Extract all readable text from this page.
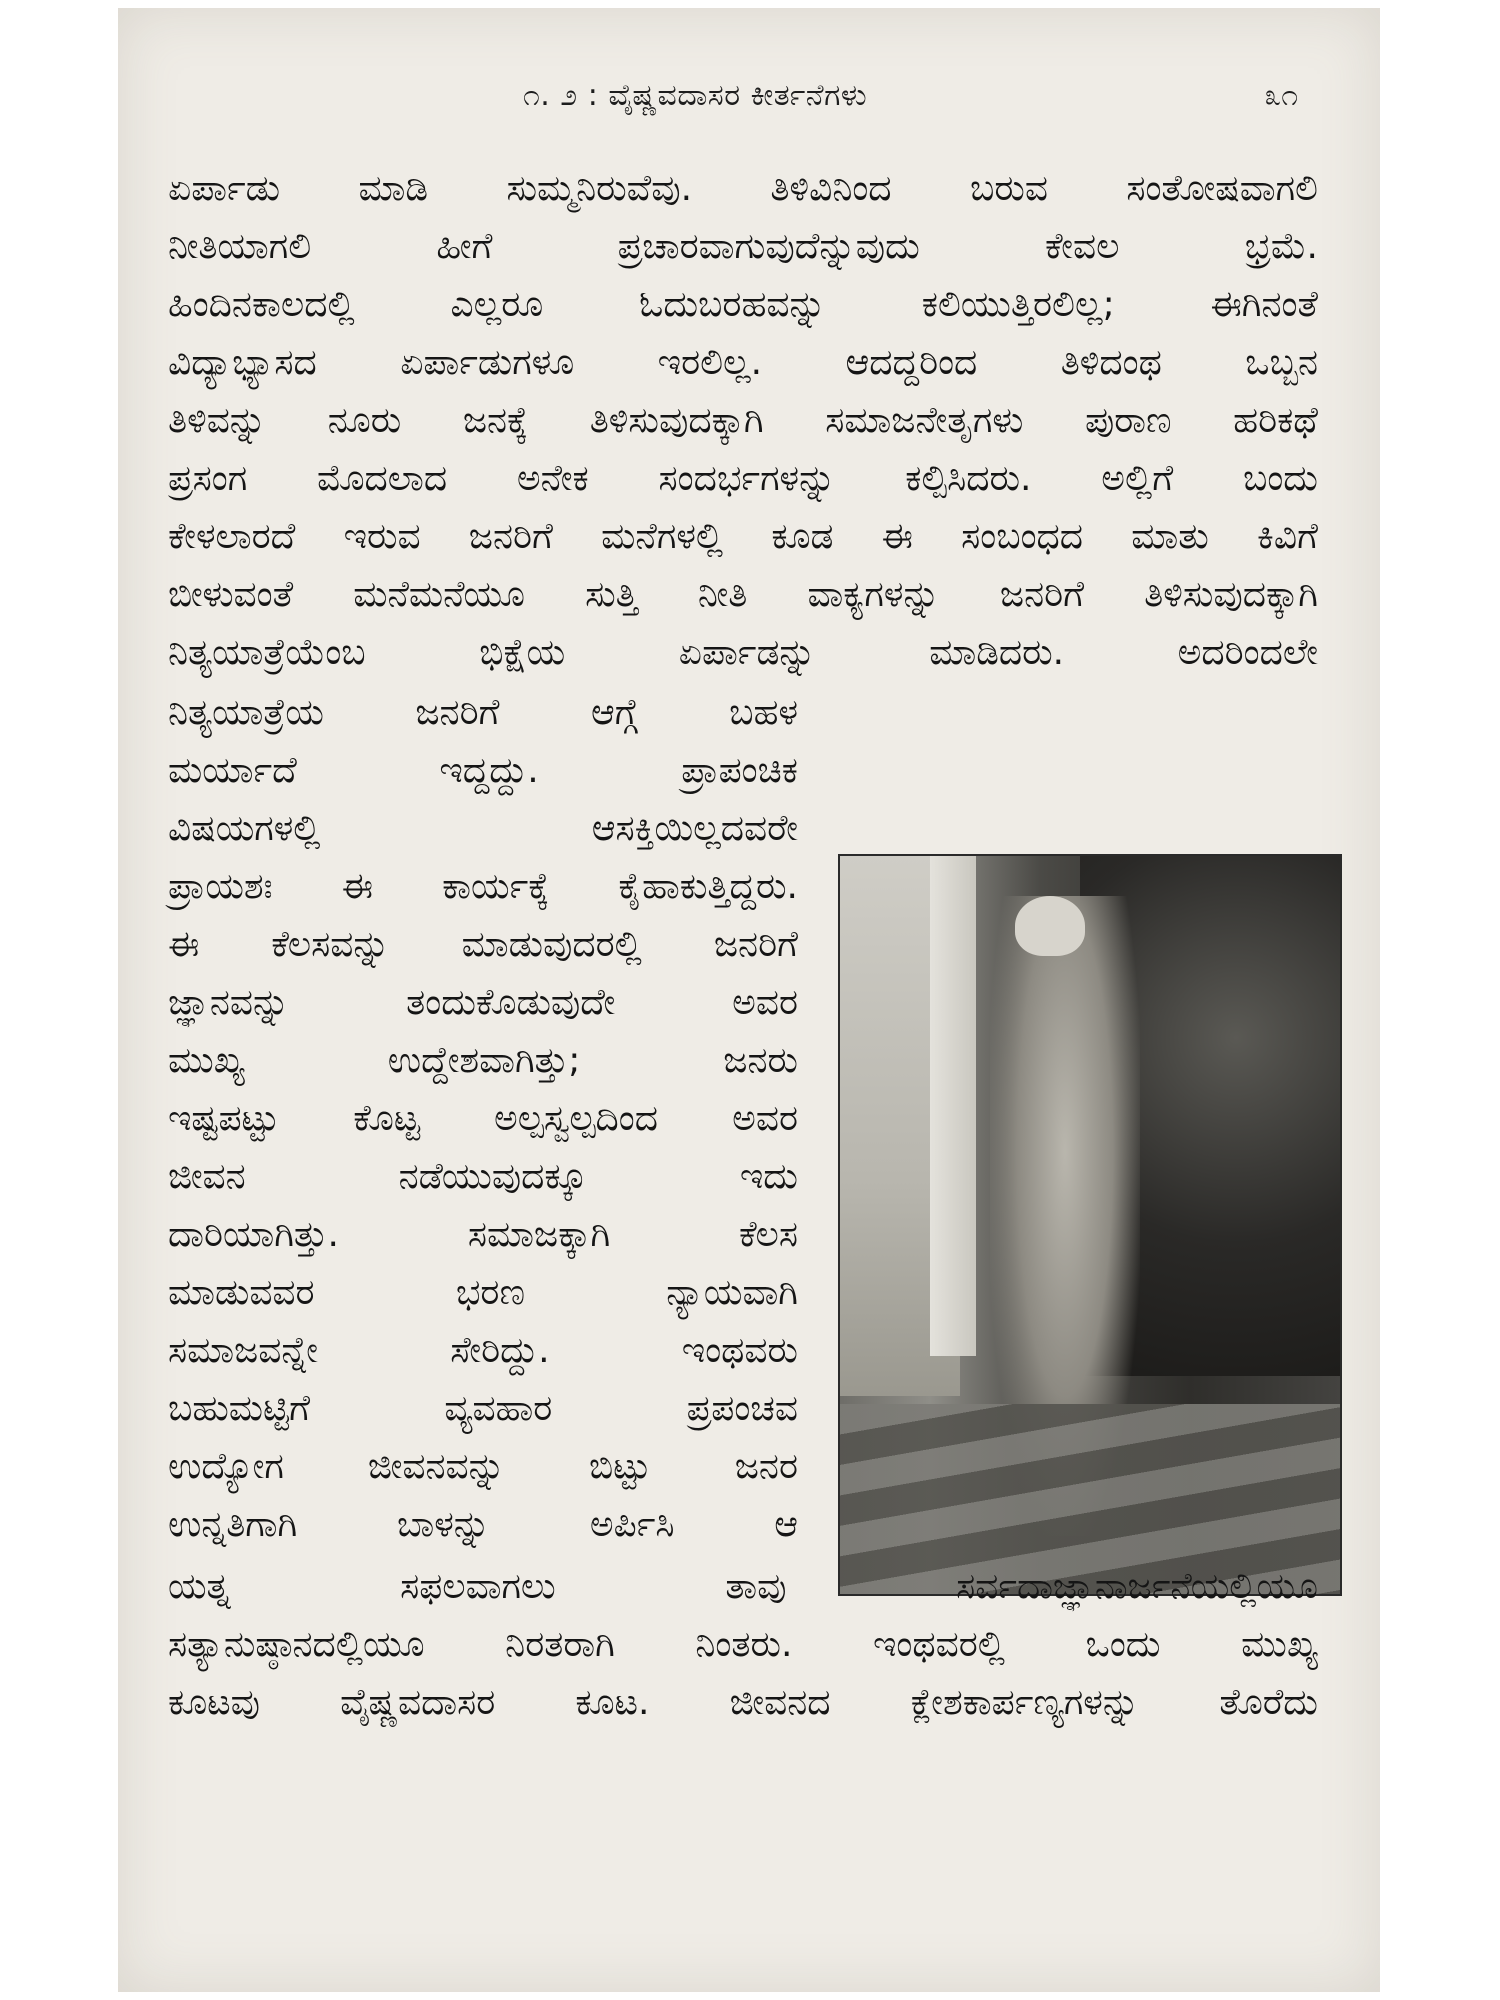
೧. ೨ : ವೈಷ್ಣವದಾಸರ ಕೀರ್ತನೆಗಳು	೩೧
ಏರ್ಪಾಡು ಮಾಡಿ ಸುಮ್ಮನಿರುವೆವು. ತಿಳಿವಿನಿಂದ ಬರುವ ಸಂತೋಷವಾಗಲಿ
ನೀತಿಯಾಗಲಿ ಹೀಗೆ ಪ್ರಚಾರವಾಗುವುದೆನ್ನುವುದು ಕೇವಲ ಭ್ರಮೆ.
ಹಿಂದಿನಕಾಲದಲ್ಲಿ ಎಲ್ಲರೂ ಓದುಬರಹವನ್ನು ಕಲಿಯುತ್ತಿರಲಿಲ್ಲ; ಈಗಿನಂತೆ
ವಿದ್ಯಾಭ್ಯಾಸದ ಏರ್ಪಾಡುಗಳೂ ಇರಲಿಲ್ಲ. ಆದದ್ದರಿಂದ ತಿಳಿದಂಥ ಒಬ್ಬನ
ತಿಳಿವನ್ನು ನೂರು ಜನಕ್ಕೆ ತಿಳಿಸುವುದಕ್ಕಾಗಿ ಸಮಾಜನೇತೃಗಳು ಪುರಾಣ ಹರಿಕಥೆ
ಪ್ರಸಂಗ ಮೊದಲಾದ ಅನೇಕ ಸಂದರ್ಭಗಳನ್ನು ಕಲ್ಪಿಸಿದರು. ಅಲ್ಲಿಗೆ ಬಂದು
ಕೇಳಲಾರದೆ ಇರುವ ಜನರಿಗೆ ಮನೆಗಳಲ್ಲಿ ಕೂಡ ಈ ಸಂಬಂಧದ ಮಾತು ಕಿವಿಗೆ
ಬೀಳುವಂತೆ ಮನೆಮನೆಯೂ ಸುತ್ತಿ ನೀತಿ ವಾಕ್ಯಗಳನ್ನು ಜನರಿಗೆ ತಿಳಿಸುವುದಕ್ಕಾಗಿ
ನಿತ್ಯಯಾತ್ರೆಯೆಂಬ ಭಿಕ್ಷೆಯ ಏರ್ಪಾಡನ್ನು ಮಾಡಿದರು. ಅದರಿಂದಲೇ
ನಿತ್ಯಯಾತ್ರೆಯ ಜನರಿಗೆ ಆಗ್ಗೆ ಬಹಳ
ಮರ್ಯಾದೆ ಇದ್ದದ್ದು. ಪ್ರಾಪಂಚಿಕ
ವಿಷಯಗಳಲ್ಲಿ ಆಸಕ್ತಿಯಿಲ್ಲದವರೇ
ಪ್ರಾಯಶಃ ಈ ಕಾರ್ಯಕ್ಕೆ ಕೈಹಾಕುತ್ತಿದ್ದರು.
ಈ ಕೆಲಸವನ್ನು ಮಾಡುವುದರಲ್ಲಿ ಜನರಿಗೆ
ಜ್ಞಾನವನ್ನು ತಂದುಕೊಡುವುದೇ ಅವರ
ಮುಖ್ಯ ಉದ್ದೇಶವಾಗಿತ್ತು; ಜನರು
ಇಷ್ಟಪಟ್ಟು ಕೊಟ್ಟ ಅಲ್ಪಸ್ವಲ್ಪದಿಂದ ಅವರ
ಜೀವನ ನಡೆಯುವುದಕ್ಕೂ ಇದು
ದಾರಿಯಾಗಿತ್ತು. ಸಮಾಜಕ್ಕಾಗಿ ಕೆಲಸ
ಮಾಡುವವರ ಭರಣ ನ್ಯಾಯವಾಗಿ
ಸಮಾಜವನ್ನೇ ಸೇರಿದ್ದು. ಇಂಥವರು
ಬಹುಮಟ್ಟಿಗೆ ವ್ಯವಹಾರ ಪ್ರಪಂಚವ
ಉದ್ಯೋಗ ಜೀವನವನ್ನು ಬಿಟ್ಟು ಜನರ
ಉನ್ನತಿಗಾಗಿ ಬಾಳನ್ನು ಅರ್ಪಿಸಿ ಆ
ಯತ್ನ ಸಫಲವಾಗಲು ತಾವು ಸರ್ವದಾಜ್ಞಾನಾರ್ಜನೆಯಲ್ಲಿಯೂ
ಸತ್ಯಾನುಷ್ಠಾನದಲ್ಲಿಯೂ ನಿರತರಾಗಿ ನಿಂತರು. ಇಂಥವರಲ್ಲಿ ಒಂದು ಮುಖ್ಯ
ಕೂಟವು ವೈಷ್ಣವದಾಸರ ಕೂಟ. ಜೀವನದ ಕ್ಲೇಶಕಾರ್ಪಣ್ಯಗಳನ್ನು ತೊರೆದು
